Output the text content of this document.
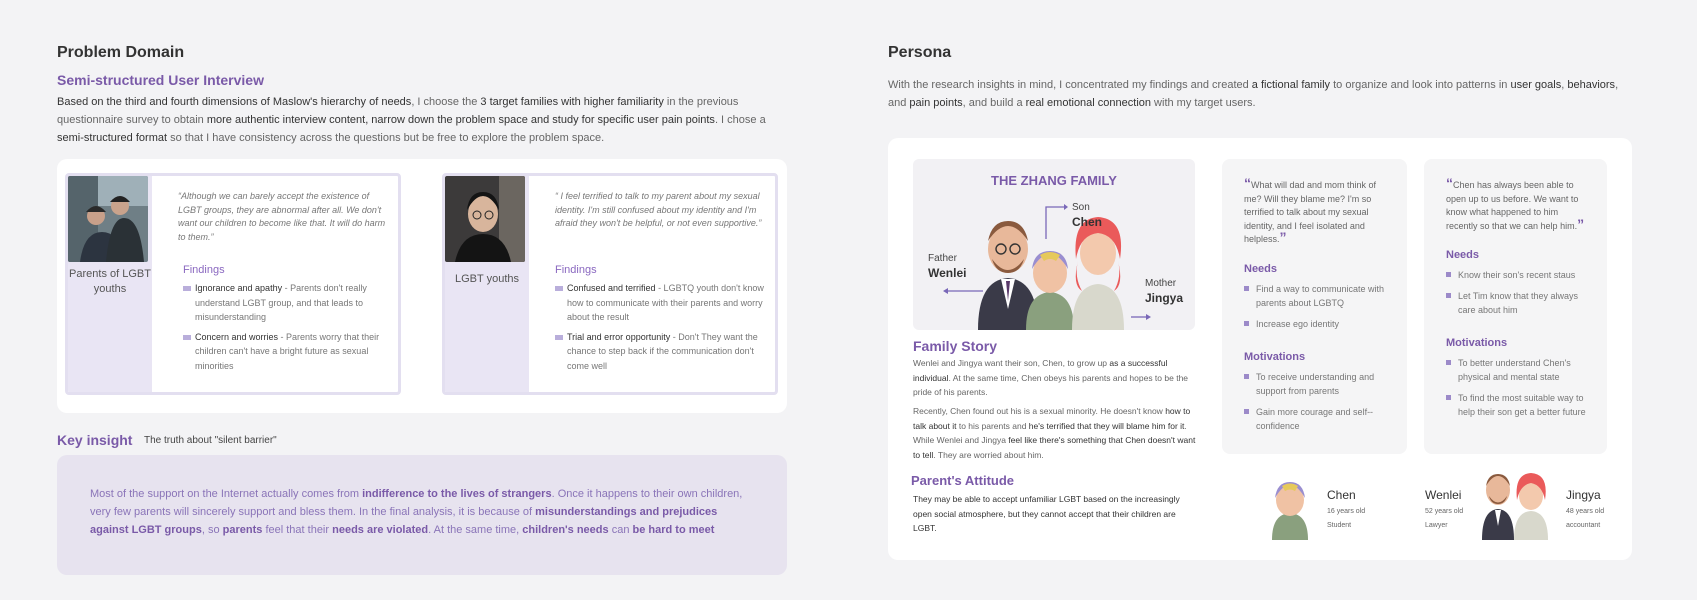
Problem Domain
Semi-structured User Interview

Based on the third and fourth dimensions of Maslow's hierarchy of needs, I choose the 3 target families with higher familiarity in the previous questionnaire survey to obtain more authentic interview content, narrow down the problem space and study for specific user pain points. I chose a semi-structured format so that I have consistency across the questions but be free to explore the problem space.

Parents of LGBT youths
“Although we can barely accept the existence of LGBT groups, they are abnormal after all. We don't want our children to become like that. It will do harm to them.”
Findings
Ignorance and apathy - Parents don't really understand LGBT group, and that leads to misunderstanding
Concern and worries - Parents worry that their children can't have a bright future as sexual minorities
LGBT youths
“ I feel terrified to talk to my parent about my sexual identity. I'm still confused about my identity and I'm afraid they won't be helpful, or not even supportive.”
Findings
Confused and terrified - LGBTQ youth don't know how to communicate with their parents and worry about the result
Trial and error opportunity - Don't They want the chance to step back if the communication don't come well
Key insight The truth about "silent barrier"

Most of the support on the Internet actually comes from indifference to the lives of strangers. Once it happens to their own children, very few parents will sincerely support and bless them. In the final analysis, it is because of misunderstandings and prejudices against LGBT groups, so parents feel that their needs are violated. At the same time, children's needs can be hard to meet

Persona

With the research insights in mind, I concentrated my findings and created a fictional family to organize and look into patterns in user goals, behaviors, and pain points, and build a real emotional connection with my target users.

THE ZHANG FAMILY
Son
Chen
Father
Wenlei
Mother
Jingya
Family Story

Wenlei and Jingya want their son, Chen, to grow up as a successful individual. At the same time, Chen obeys his parents and hopes to be the pride of his parents.

Recently, Chen found out his is a sexual minority. He doesn't know how to talk about it to his parents and he's terrified that they will blame him for it. While Wenlei and Jingya feel like there's something that Chen doesn't want to tell. They are worried about him.

Parent's Attitude

They may be able to accept unfamiliar LGBT based on the increasingly open social atmosphere, but they cannot accept that their children are LGBT.

“What will dad and mom think of me? Will they blame me? I'm so terrified to talk about my sexual identity, and I feel isolated and helpless.”
Needs
Find a way to communicate with parents about LGBTQ
Increase ego identity
Motivations
To receive understanding and support from parents
Gain more courage and self--confidence
“Chen has always been able to open up to us before. We want to know what happened to him recently so that we can help him.”
Needs
Know their son's recent staus
Let Tim know that they always care about him
Motivations
To better understand Chen's physical and mental state
To find the most suitable way to help their son get a better future
Chen
16 years old
Student
Wenlei
52 years old
Lawyer
Jingya
48 years old
accountant
